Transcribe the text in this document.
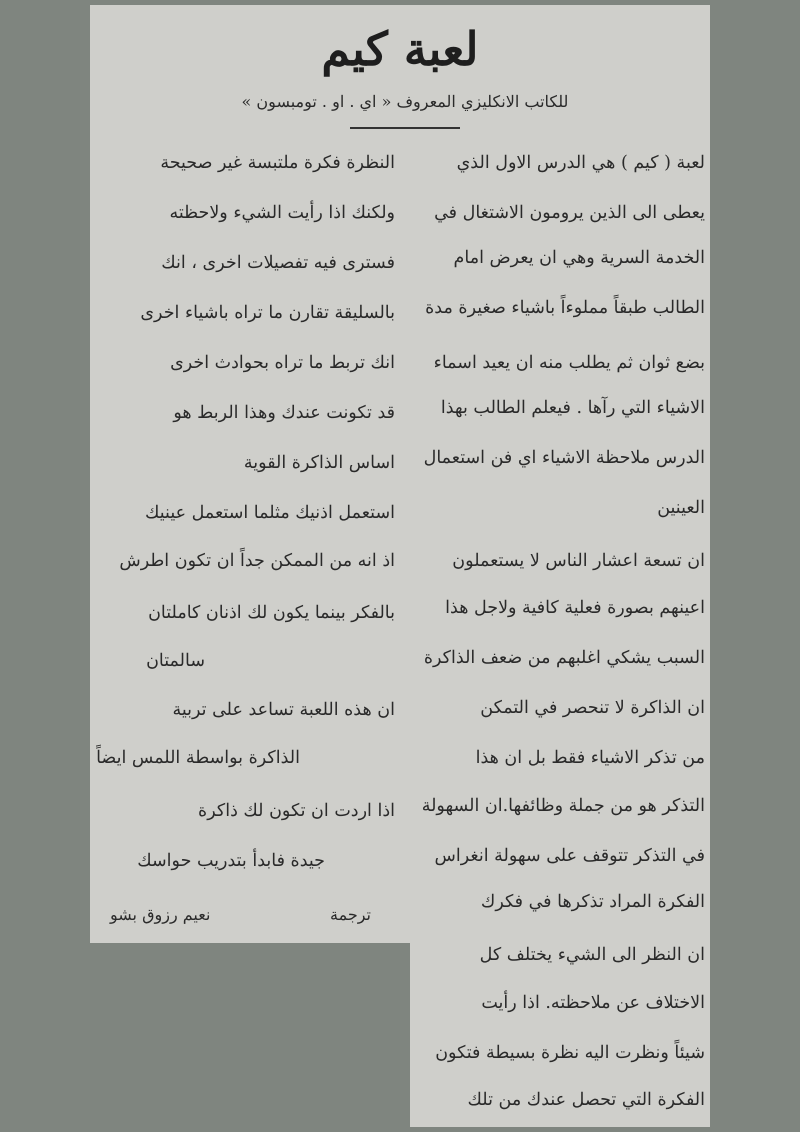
لعبة كيم
للكاتب الانكليزي المعروف « اي . او . تومبسون »
لعبة ( كيم ) هي الدرس الاول الذي
يعطى الى الذين يرومون الاشتغال في
الخدمة السرية وهي ان يعرض امام
الطالب طبقاً مملوءاً باشياء صغيرة مدة
بضع ثوان ثم يطلب منه ان يعيد اسماء
الاشياء التي رآها . فيعلم الطالب بهذا
الدرس ملاحظة الاشياء اي فن استعمال
العينين
ان تسعة اعشار الناس لا يستعملون
اعينهم بصورة فعلية كافية ولاجل هذا
السبب يشكي اغلبهم من ضعف الذاكرة
ان الذاكرة لا تنحصر في التمكن
من تذكر الاشياء فقط بل ان هذا
التذكر هو من جملة وظائفها.ان السهولة
في التذكر تتوقف على سهولة انغراس
الفكرة المراد تذكرها في فكرك
ان النظر الى الشيء يختلف كل
الاختلاف عن ملاحظته. اذا رأيت
شيئاً ونظرت اليه نظرة بسيطة فتكون
الفكرة التي تحصل عندك من تلك
النظرة فكرة ملتبسة غير صحيحة
ولكنك اذا رأيت الشيء ولاحظته
فسترى فيه تفصيلات اخرى ، انك
بالسليقة تقارن ما تراه باشياء اخرى
انك تربط ما تراه بحوادث اخرى
قد تكونت عندك وهذا الربط هو
اساس الذاكرة القوية
استعمل اذنيك مثلما استعمل عينيك
اذ انه من الممكن جداً ان تكون اطرش
بالفكر بينما يكون لك اذنان كاملتان
سالمتان
ان هذه اللعبة تساعد على تربية
الذاكرة بواسطة اللمس ايضاً
اذا اردت ان تكون لك ذاكرة
جيدة فابدأ بتدريب حواسك
ترجمة
نعيم رزوق بشو
